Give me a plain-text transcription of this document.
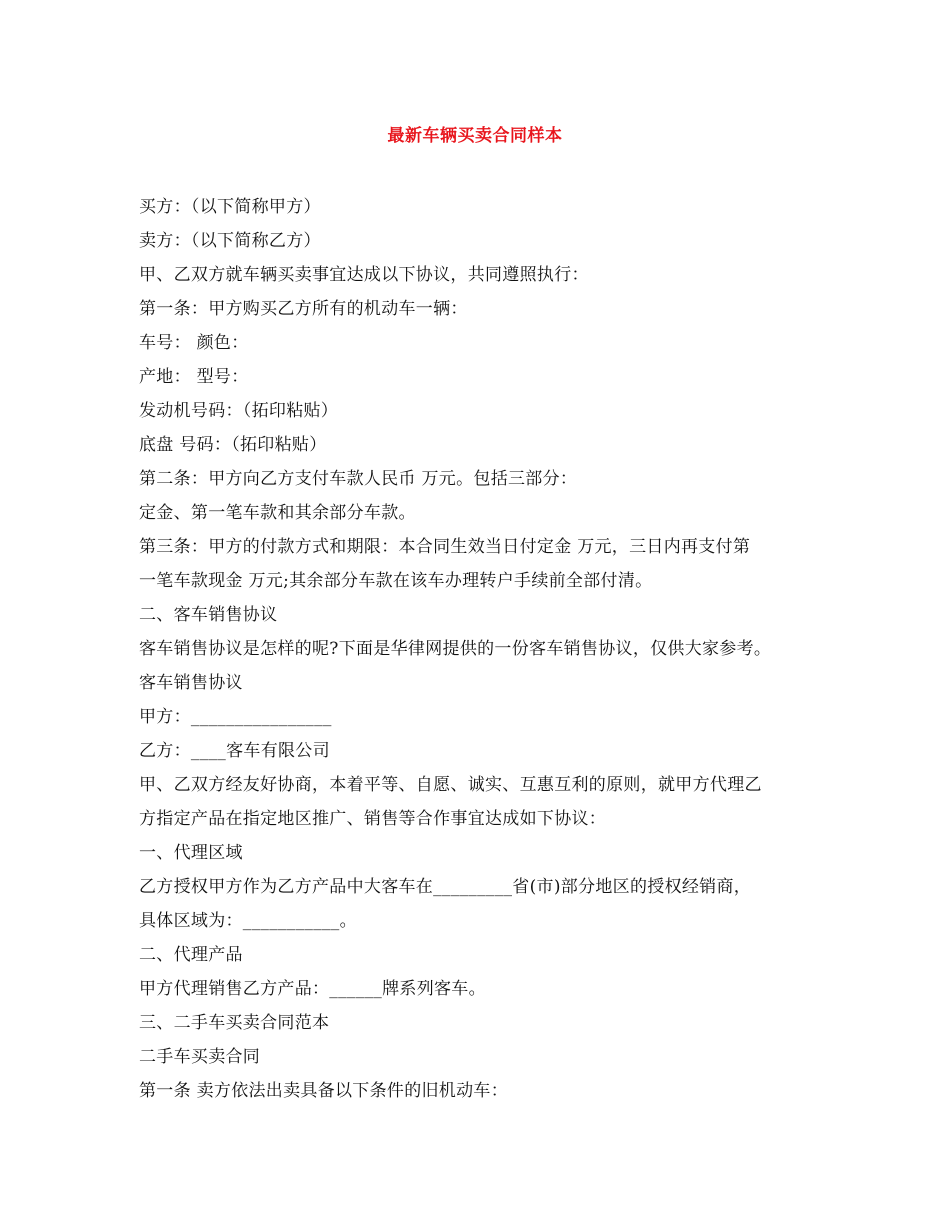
最新车辆买卖合同样本
买方：（以下简称甲方）
卖方：（以下简称乙方）
甲、乙双方就车辆买卖事宜达成以下协议，共同遵照执行：
第一条：甲方购买乙方所有的机动车一辆：
车号： 颜色：
产地： 型号：
发动机号码：（拓印粘贴）
底盘 号码：（拓印粘贴）
第二条：甲方向乙方支付车款人民币 万元。包括三部分：
定金、第一笔车款和其余部分车款。
第三条：甲方的付款方式和期限：本合同生效当日付定金 万元，三日内再支付第
一笔车款现金 万元;其余部分车款在该车办理转户手续前全部付清。
二、客车销售协议
客车销售协议是怎样的呢?下面是华律网提供的一份客车销售协议，仅供大家参考。
客车销售协议
甲方：________________
乙方：____客车有限公司
甲、乙双方经友好协商，本着平等、自愿、诚实、互惠互利的原则，就甲方代理乙
方指定产品在指定地区推广、销售等合作事宜达成如下协议：
一、代理区域
乙方授权甲方作为乙方产品中大客车在_________省(市)部分地区的授权经销商，
具体区域为：___________。
二、代理产品
甲方代理销售乙方产品：______牌系列客车。
三、二手车买卖合同范本
二手车买卖合同
第一条 卖方依法出卖具备以下条件的旧机动车：
